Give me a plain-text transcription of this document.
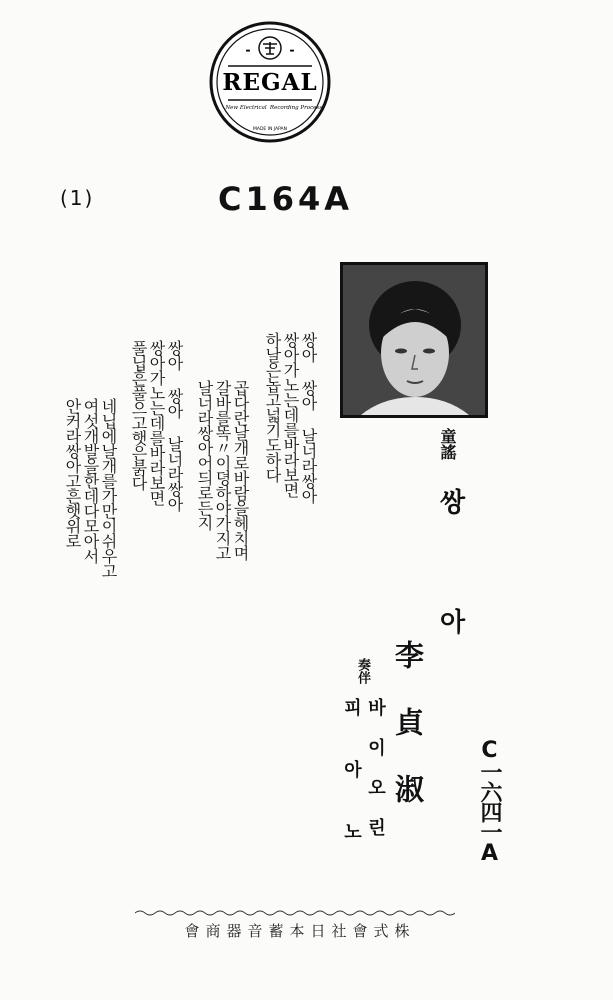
▬	▬
REGAL
New Electrical Recording Process
MADE IN JAPAN
(1)	C164A
쌍아 쌍아 날너라쌍아
쌍아가노는데를바라보면
하날은놉고넓기도하다
곱다란날개로바람을헤치며
갈바를똑〃이뎡하야가지고
날너라쌍아어듸로든지
쌍아 쌍아 날너라쌍아
쌍아가노는데를바라보면
풀닙흔풀으고햇은붉다
네닙에날개를가만이쉬우고
여섯개발을한데다모아서
안커라쌍아고흔햇위로	童謠
쌍
아
李貞淑
奏伴
바이오린
피아노	C一六四一A
株式會社日本蓄音器商會
